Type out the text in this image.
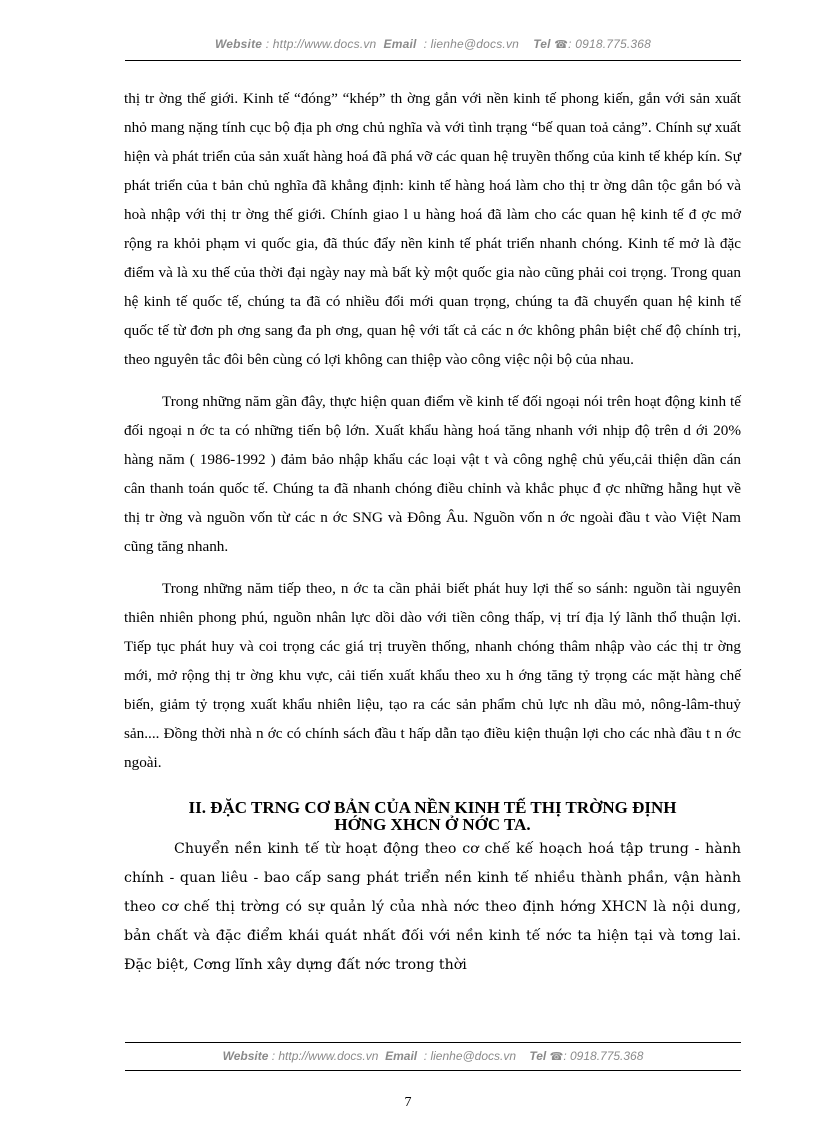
Website : http://www.docs.vn Email : lienhe@docs.vn Tel ☎: 0918.775.368

thị tr ờng thế giới. Kinh tế “đóng” “khép” th ờng gắn với nền kinh tế phong kiến, gắn với sản xuất nhỏ mang nặng tính cục bộ địa ph ơng chủ nghĩa và với tình trạng “bế quan toả cảng”. Chính sự xuất hiện và phát triển của sản xuất hàng hoá đã phá vỡ các quan hệ truyền thống của kinh tế khép kín. Sự phát triển của t bản chủ nghĩa đã khẳng định: kinh tế hàng hoá làm cho thị tr ờng dân tộc gắn bó và hoà nhập với thị tr ờng thế giới. Chính giao l u hàng hoá đã làm cho các quan hệ kinh tế đ ợc mở rộng ra khỏi phạm vi quốc gia, đã thúc đẩy nền kinh tế phát triển nhanh chóng. Kinh tế mở là đặc điểm và là xu thế của thời đại ngày nay mà bất kỳ một quốc gia nào cũng phải coi trọng. Trong quan hệ kinh tế quốc tế, chúng ta đã có nhiều đổi mới quan trọng, chúng ta đã chuyển quan hệ kinh tế quốc tế từ đơn ph ơng sang đa ph ơng, quan hệ với tất cả các n ớc không phân biệt chế độ chính trị, theo nguyên tắc đôi bên cùng có lợi không can thiệp vào công việc nội bộ của nhau.

Trong những năm gần đây, thực hiện quan điểm về kinh tế đối ngoại nói trên hoạt động kinh tế đối ngoại n ớc ta có những tiến bộ lớn. Xuất khẩu hàng hoá tăng nhanh với nhịp độ trên d ới 20% hàng năm ( 1986-1992 ) đảm bảo nhập khẩu các loại vật t và công nghệ chủ yếu,cải thiện dần cán cân thanh toán quốc tế. Chúng ta đã nhanh chóng điều chỉnh và khắc phục đ ợc những hẫng hụt về thị tr ờng và nguồn vốn từ các n ớc SNG và Đông Âu. Nguồn vốn n ớc ngoài đầu t vào Việt Nam cũng tăng nhanh.

Trong những năm tiếp theo, n ớc ta cần phải biết phát huy lợi thế so sánh: nguồn tài nguyên thiên nhiên phong phú, nguồn nhân lực dồi dào với tiền công thấp, vị trí địa lý lãnh thổ thuận lợi. Tiếp tục phát huy và coi trọng các giá trị truyền thống, nhanh chóng thâm nhập vào các thị tr ờng mới, mở rộng thị tr ờng khu vực, cải tiến xuất khẩu theo xu h ớng tăng tỷ trọng các mặt hàng chế biến, giảm tỷ trọng xuất khẩu nhiên liệu, tạo ra các sản phẩm chủ lực nh dầu mỏ, nông-lâm-thuỷ sản.... Đồng thời nhà n ớc có chính sách đầu t hấp dẫn tạo điều kiện thuận lợi cho các nhà đầu t n ớc ngoài.

II. ĐẶC TRNG CƠ BẢN CỦA NỀN KINH TẾ THỊ TRỜNG ĐỊNH
HỚNG XHCN Ở NỚC TA.

Chuyển nền kinh tế từ hoạt động theo cơ chế kế hoạch hoá tập trung - hành chính - quan liêu - bao cấp sang phát triển nền kinh tế nhiều thành phần, vận hành theo cơ chế thị trờng có sự quản lý của nhà nớc theo định hớng XHCN là nội dung, bản chất và đặc điểm khái quát nhất đối với nền kinh tế nớc ta hiện tại và tơng lai. Đặc biệt, Cơng lĩnh xây dựng đất nớc trong thời

Website : http://www.docs.vn Email : lienhe@docs.vn Tel ☎: 0918.775.368
7
